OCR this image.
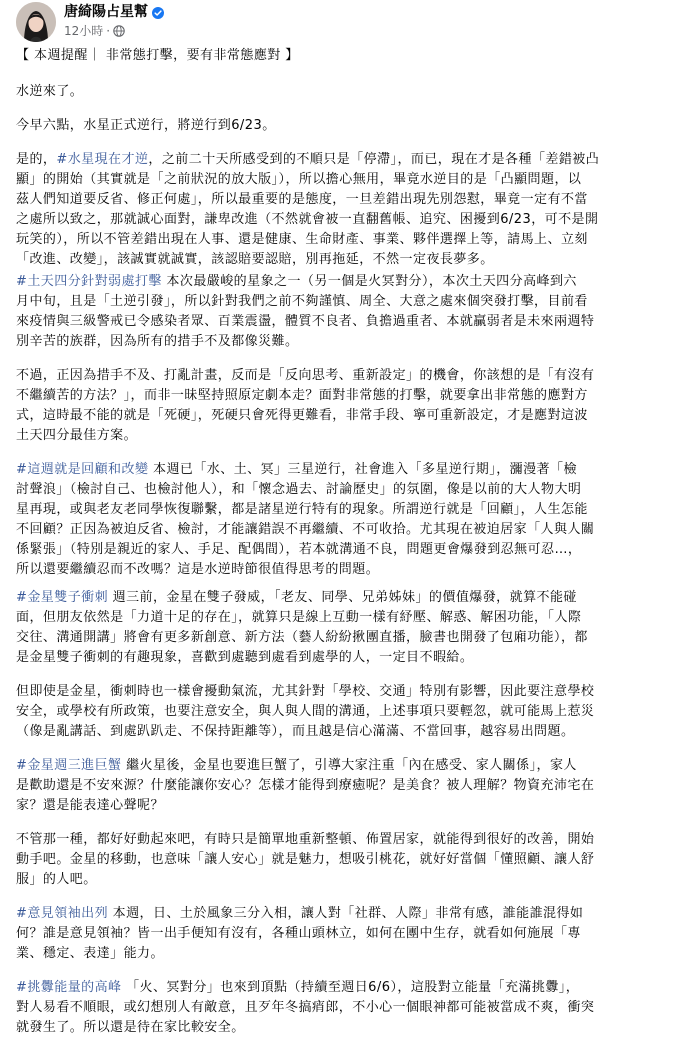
唐綺陽占星幫
12小時 ·
【 本週提醒｜ 非常態打擊，要有非常態應對 】
水逆來了。
今早六點，水星正式逆行，將逆行到6/23。
是的，#水星現在才逆，之前二十天所感受到的不順只是「停滯」，而已，現在才是各種「差錯被凸
顯」的開始（其實就是「之前狀況的放大版」），所以擔心無用，畢竟水逆目的是「凸顯問題，以
茲人們知道要反省、修正何處」，所以最重要的是態度，一旦差錯出現先別怨懟，畢竟一定有不當
之處所以致之，那就誠心面對，謙卑改進（不然就會被一直翻舊帳、追究、困擾到6/23，可不是開
玩笑的），所以不管差錯出現在人事、還是健康、生命財產、事業、夥伴選擇上等，請馬上、立刻
「改進、改變」，該誠實就誠實，該認賠要認賠，別再拖延，不然一定夜長夢多。
#土天四分針對弱處打擊 本次最嚴峻的星象之一（另一個是火冥對分），本次土天四分高峰到六
月中旬，且是「土逆引發」，所以針對我們之前不夠謹慎、周全、大意之處來個突發打擊，目前看
來疫情與三級警戒已令感染者眾、百業震盪，體質不良者、負擔過重者、本就贏弱者是未來兩週特
別辛苦的族群，因為所有的措手不及都像災難。
不過，正因為措手不及、打亂計畫，反而是「反向思考、重新設定」的機會，你該想的是「有沒有
不繼續苦的方法？」，而非一昧堅持照原定劇本走？面對非常態的打擊，就要拿出非常態的應對方
式，這時最不能的就是「死硬」，死硬只會死得更難看，非常手段、寧可重新設定，才是應對這波
土天四分最佳方案。
#這週就是回顧和改變 本週已「水、土、冥」三星逆行，社會進入「多星逆行期」，瀰漫著「檢
討聲浪」（檢討自己、也檢討他人），和「懷念過去、討論歷史」的氛圍，像是以前的大人物大明
星再現，或與老友老同學恢復聯繫，都是諸星逆行特有的現象。所謂逆行就是「回顧」，人生怎能
不回顧？正因為被迫反省、檢討，才能讓錯誤不再繼續、不可收拾。尤其現在被迫居家「人與人關
係緊張」（特別是親近的家人、手足、配偶間），若本就溝通不良，問題更會爆發到忍無可忍…，
所以還要繼續忍而不改嗎？這是水逆時節很值得思考的問題。
#金星雙子衝刺 週三前，金星在雙子發威，「老友、同學、兄弟姊妹」的價值爆發，就算不能碰
面，但朋友依然是「力道十足的存在」，就算只是線上互動一樣有紓壓、解惑、解困功能，「人際
交往、溝通開講」將會有更多新創意、新方法（藝人紛紛揪團直播，臉書也開發了包廂功能），都
是金星雙子衝刺的有趣現象，喜歡到處聽到處看到處學的人，一定目不暇給。
但即使是金星，衝刺時也一樣會擾動氣流，尤其針對「學校、交通」特別有影響，因此要注意學校
安全，或學校有所政策，也要注意安全，與人與人間的溝通，上述事項只要輕忽，就可能馬上惹災
（像是亂講話、到處趴趴走、不保持距離等），而且越是信心滿滿、不當回事，越容易出問題。
#金星週三進巨蟹 繼火星後，金星也要進巨蟹了，引導大家注重「內在感受、家人關係」，家人
是歡助還是不安來源？什麼能讓你安心？怎樣才能得到療癒呢？是美食？被人理解？物資充沛宅在
家？還是能表達心聲呢？
不管那一種，都好好動起來吧，有時只是簡單地重新整頓、佈置居家，就能得到很好的改善，開始
動手吧。金星的移動，也意味「讓人安心」就是魅力，想吸引桃花，就好好當個「懂照顧、讓人舒
服」的人吧。
#意見領袖出列 本週，日、土於風象三分入相，讓人對「社群、人際」非常有感，誰能誰混得如
何？誰是意見領袖？皆一出手便知有沒有，各種山頭林立，如何在團中生存，就看如何施展「專
業、穩定、表達」能力。
#挑釁能量的高峰 「火、冥對分」也來到頂點（持續至週日6/6），這股對立能量「充滿挑釁」，
對人易看不順眼，或幻想別人有敵意，且歹年冬搞痟郎，不小心一個眼神都可能被當成不爽，衝突
就發生了。所以還是待在家比較安全。
